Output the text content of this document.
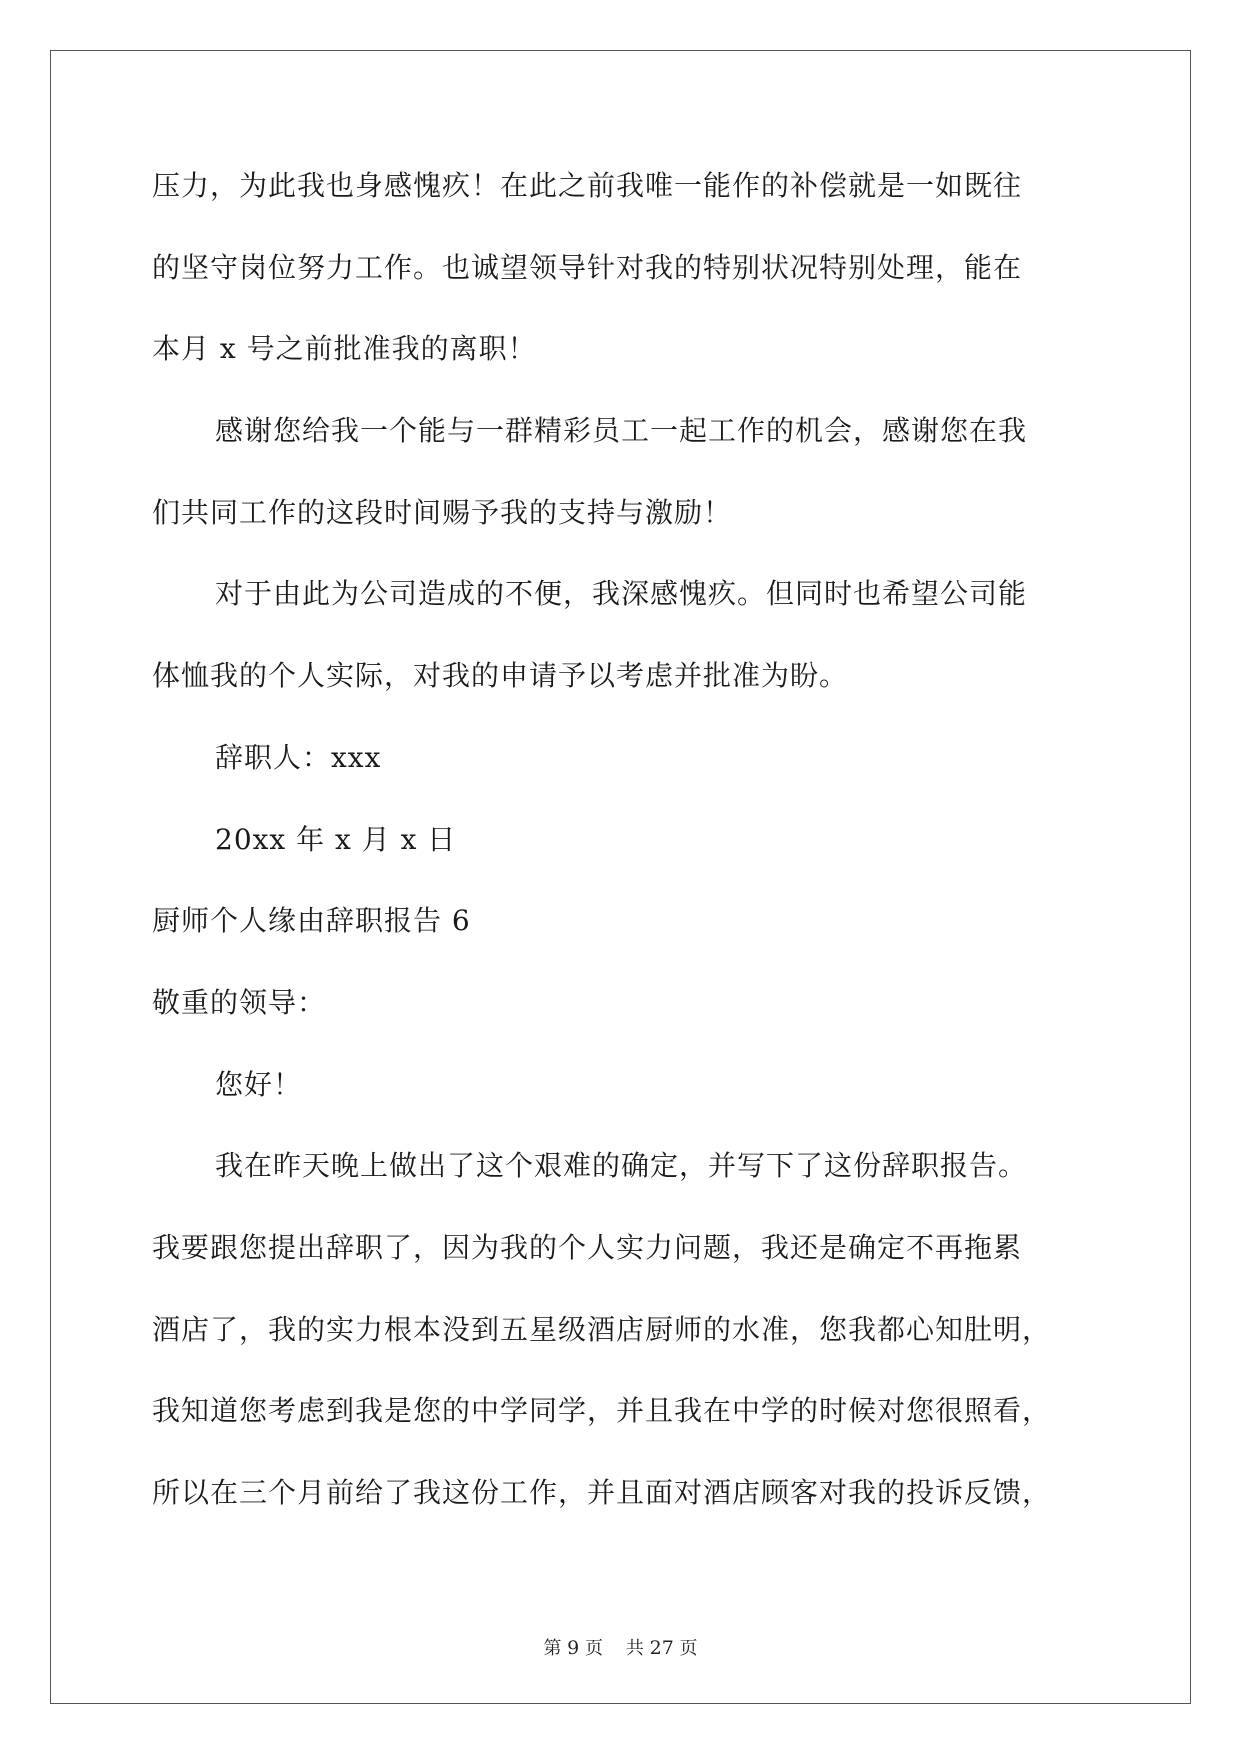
压力，为此我也身感愧疚！在此之前我唯一能作的补偿就是一如既往
的坚守岗位努力工作。也诚望领导针对我的特别状况特别处理，能在
本月 x 号之前批准我的离职！
感谢您给我一个能与一群精彩员工一起工作的机会，感谢您在我
们共同工作的这段时间赐予我的支持与激励！
对于由此为公司造成的不便，我深感愧疚。但同时也希望公司能
体恤我的个人实际，对我的申请予以考虑并批准为盼。
辞职人：xxx
20xx 年 x 月 x 日
厨师个人缘由辞职报告 6
敬重的领导：
您好！
我在昨天晚上做出了这个艰难的确定，并写下了这份辞职报告。
我要跟您提出辞职了，因为我的个人实力问题，我还是确定不再拖累
酒店了，我的实力根本没到五星级酒店厨师的水准，您我都心知肚明，
我知道您考虑到我是您的中学同学，并且我在中学的时候对您很照看，
所以在三个月前给了我这份工作，并且面对酒店顾客对我的投诉反馈，
第 9 页 共 27 页
